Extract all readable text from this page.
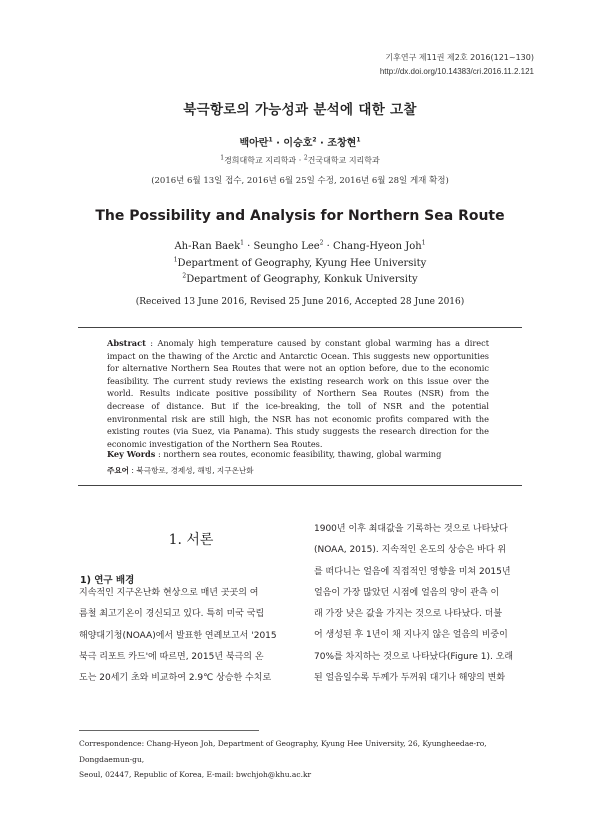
기후연구 제11권 제2호 2016(121~130)
http://dx.doi.org/10.14383/cri.2016.11.2.121
북극항로의 가능성과 분석에 대한 고찰
백아란$^1$ · 이승호$^2$ · 조창현$^1$
$^1$경희대학교 지리학과 · $^2$건국대학교 지리학과
(2016년 6월 13일 접수, 2016년 6월 25일 수정, 2016년 6월 28일 게재 확정)
The Possibility and Analysis for Northern Sea Route
Ah-Ran Baek$^1$ · Seungho Lee$^2$ · Chang-Hyeon Joh$^1$
$^1$Department of Geography, Kyung Hee University
$^2$Department of Geography, Konkuk University
(Received 13 June 2016, Revised 25 June 2016, Accepted 28 June 2016)
Abstract : Anomaly high temperature caused by constant global warming has a direct impact on the thawing of the Arctic and Antarctic Ocean. This suggests new opportunities for alternative Northern Sea Routes that were not an option before, due to the economic feasibility. The current study reviews the existing research work on this issue over the world. Results indicate positive possibility of Northern Sea Routes (NSR) from the decrease of distance. But if the ice-breaking, the toll of NSR and the potential environmental risk are still high, the NSR has not economic profits compared with the existing routes (via Suez, via Panama). This study suggests the research direction for the economic investigation of the Northern Sea Routes.
Key Words : northern sea routes, economic feasibility, thawing, global warming
주요어 : 북극항로, 경제성, 해빙, 지구온난화
1. 서론
1) 연구 배경
지속적인 지구온난화 현상으로 매년 곳곳의 여
름철 최고기온이 경신되고 있다. 특히 미국 국립
해양대기청(NOAA)에서 발표한 연례보고서 '2015
북극 리포트 카드'에 따르면, 2015년 북극의 온
도는 20세기 초와 비교하여 2.9℃ 상승한 수치로
1900년 이후 최대값을 기록하는 것으로 나타났다
(NOAA, 2015). 지속적인 온도의 상승은 바다 위
를 떠다니는 얼음에 직접적인 영향을 미쳐 2015년
얼음이 가장 많았던 시점에 얼음의 양이 관측 이
래 가장 낮은 값을 가지는 것으로 나타났다. 더불
어 생성된 후 1년이 채 지나지 않은 얼음의 비중이
70%를 차지하는 것으로 나타났다(Figure 1). 오래
된 얼음일수록 두께가 두꺼워 대기나 해양의 변화
Correspondence: Chang-Hyeon Joh, Department of Geography, Kyung Hee University, 26, Kyungheedae-ro, Dongdaemun-gu,
Seoul, 02447, Republic of Korea, E-mail: bwchjoh@khu.ac.kr
